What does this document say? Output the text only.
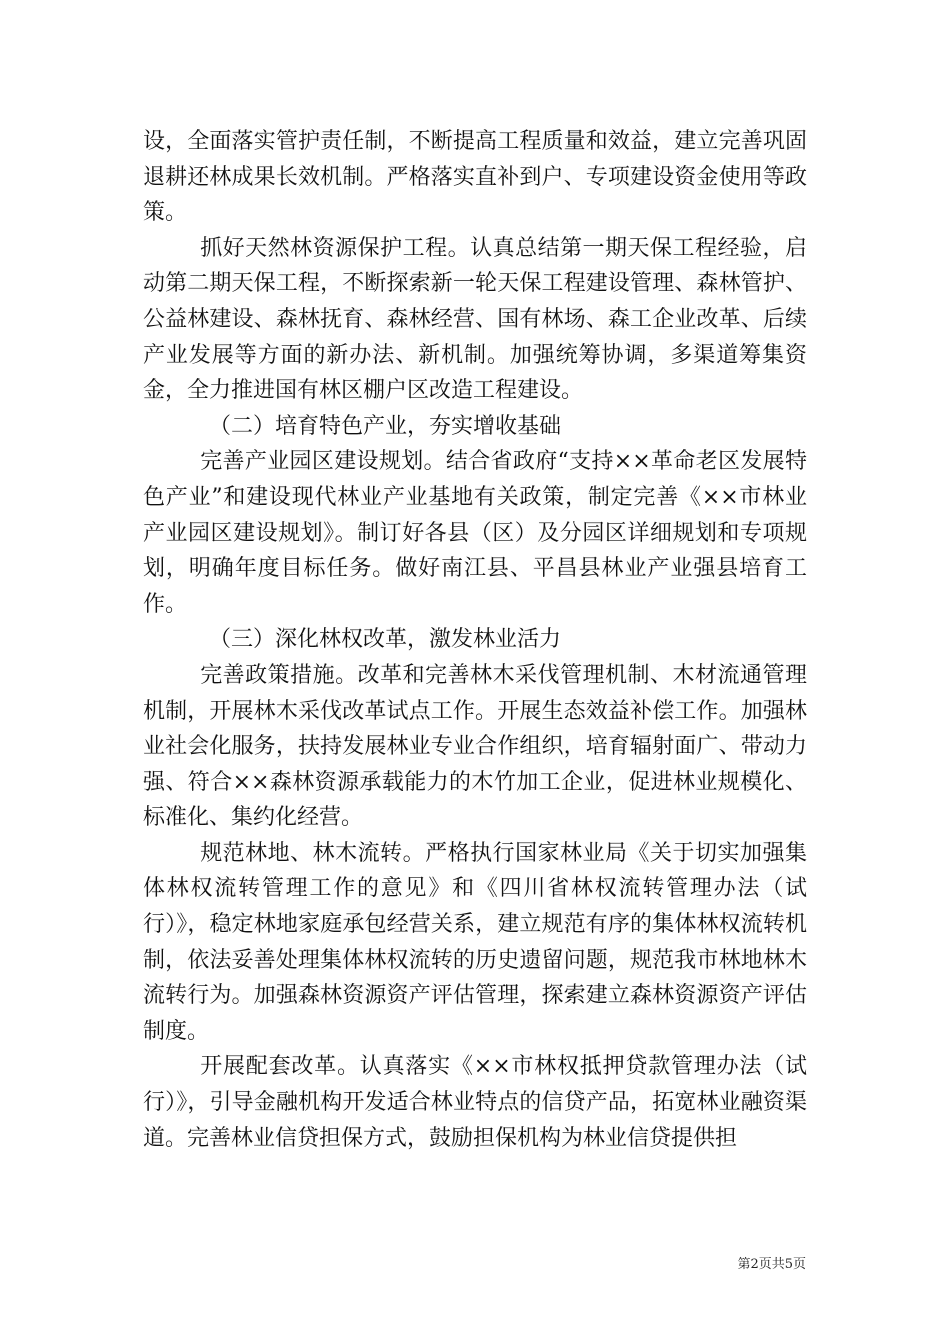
设，全面落实管护责任制，不断提高工程质量和效益，建立完善巩固退耕还林成果长效机制。严格落实直补到户、专项建设资金使用等政策。

抓好天然林资源保护工程。认真总结第一期天保工程经验，启动第二期天保工程，不断探索新一轮天保工程建设管理、森林管护、公益林建设、森林抚育、森林经营、国有林场、森工企业改革、后续产业发展等方面的新办法、新机制。加强统筹协调，多渠道筹集资金，全力推进国有林区棚户区改造工程建设。

（二）培育特色产业，夯实增收基础

完善产业园区建设规划。结合省政府“支持××革命老区发展特色产业”和建设现代林业产业基地有关政策，制定完善《××市林业产业园区建设规划》。制订好各县（区）及分园区详细规划和专项规划，明确年度目标任务。做好南江县、平昌县林业产业强县培育工作。

（三）深化林权改革，激发林业活力

完善政策措施。改革和完善林木采伐管理机制、木材流通管理机制，开展林木采伐改革试点工作。开展生态效益补偿工作。加强林业社会化服务，扶持发展林业专业合作组织，培育辐射面广、带动力强、符合××森林资源承载能力的木竹加工企业，促进林业规模化、标准化、集约化经营。

规范林地、林木流转。严格执行国家林业局《关于切实加强集体林权流转管理工作的意见》和《四川省林权流转管理办法（试行）》，稳定林地家庭承包经营关系，建立规范有序的集体林权流转机制，依法妥善处理集体林权流转的历史遗留问题，规范我市林地林木流转行为。加强森林资源资产评估管理，探索建立森林资源资产评估制度。

开展配套改革。认真落实《××市林权抵押贷款管理办法（试行）》，引导金融机构开发适合林业特点的信贷产品，拓宽林业融资渠道。完善林业信贷担保方式，鼓励担保机构为林业信贷提供担

第2页共5页
